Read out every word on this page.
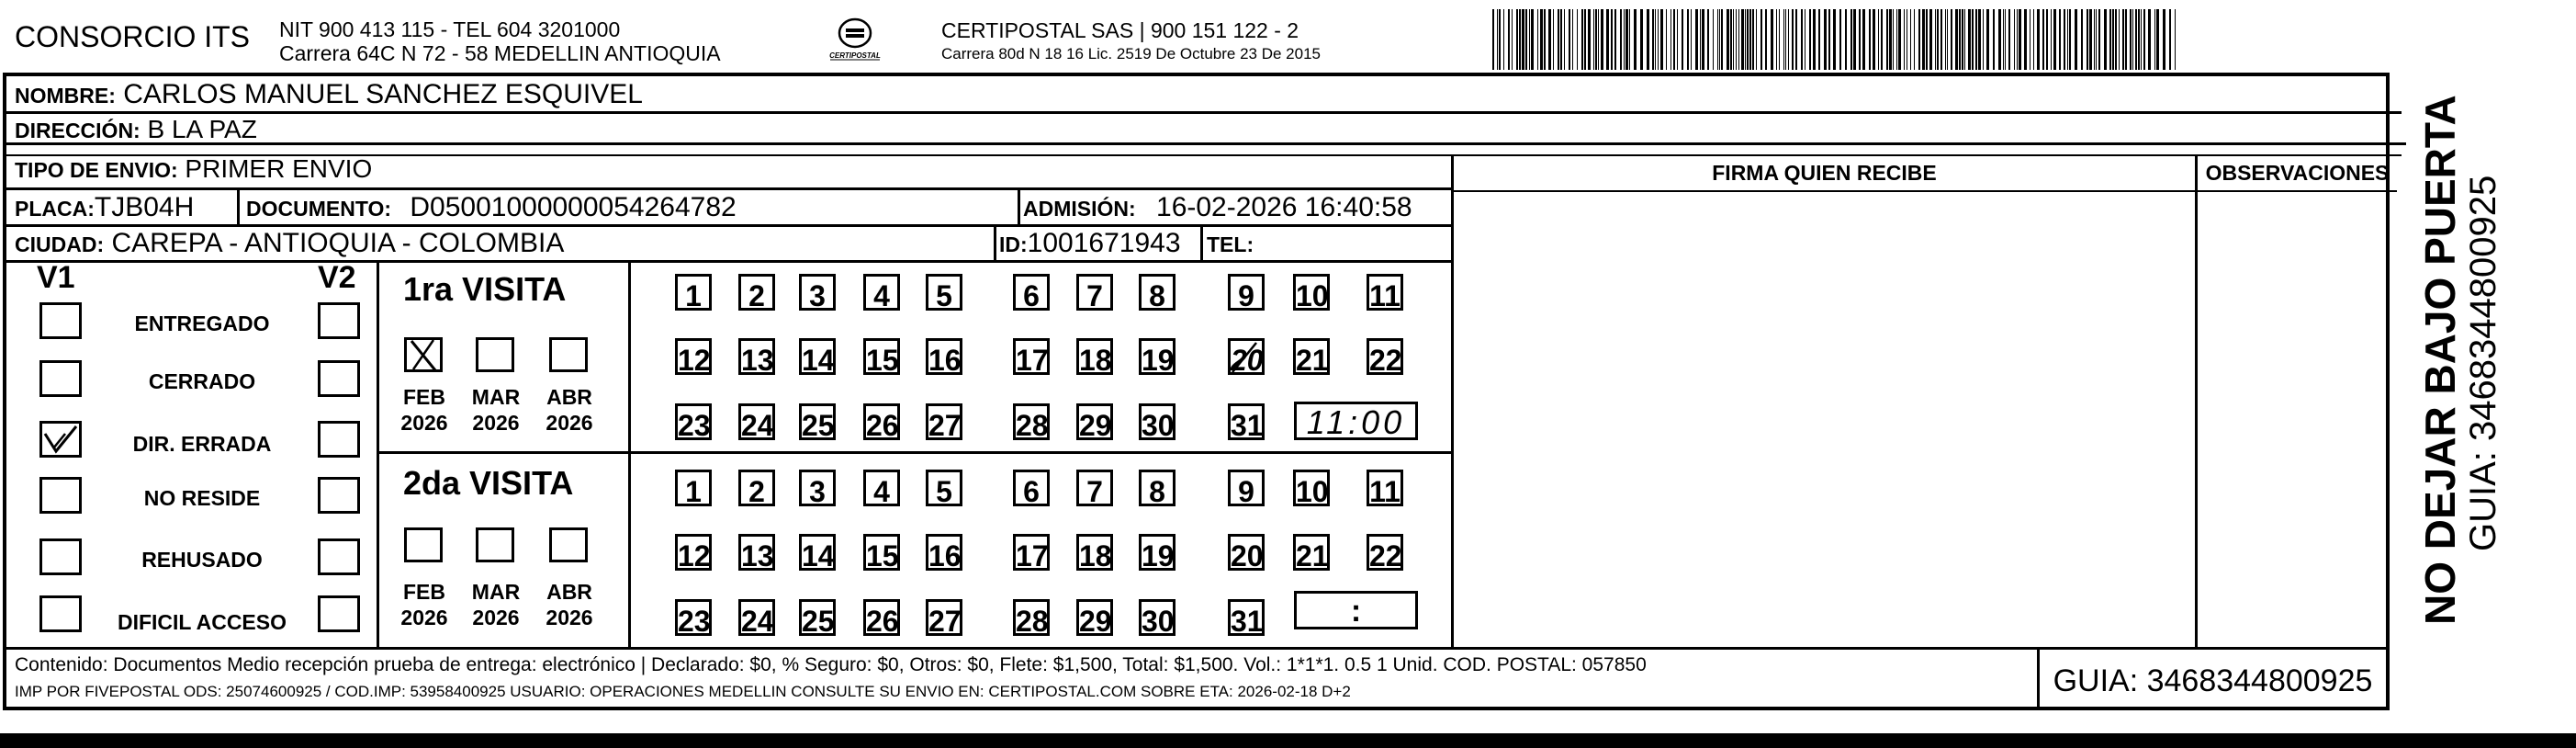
CONSORCIO ITS NIT 900 413 115 - TEL 604 3201000
Carrera 64C N 72 - 58 MEDELLIN ANTIOQUIA	CERTIPOSTAL
CERTIPOSTAL SAS | 900 151 122 - 2
Carrera 80d N 18 16 Lic. 2519 De Octubre 23 De 2015
NOMBRE: CARLOS MANUEL SANCHEZ ESQUIVEL
DIRECCIÓN: B LA PAZ
TIPO DE ENVIO: PRIMER ENVIO	FIRMA QUIEN RECIBE	OBSERVACIONES
PLACA:TJB04H DOCUMENTO: D05001000000054264782	ADMISIÓN: 16-02-2026 16:40:58
CIUDAD: CAREPA - ANTIOQUIA - COLOMBIA	ID:1001671943 TEL:
V1	V2
ENTREGADO
CERRADO
DIR. ERRADA
NO RESIDE
REHUSADO
DIFICIL ACCESO
1ra VISITA
FEB
2026
MAR
2026
ABR
2026
1	2	3	4	5	6	7	8	9	10 11
12 13 14 15 16 17 18 19 20 21 22
23 24 25 26 27 28 29 30 31	11:00
2da VISITA
FEB
2026
MAR
2026
ABR
2026
1	2	3	4	5	6	7	8	9	10 11
12 13 14 15 16 17 18 19 20 21 22
23 24 25 26 27 28 29 30 31	:
Contenido: Documentos Medio recepción prueba de entrega: electrónico | Declarado: $0, % Seguro: $0, Otros: $0, Flete: $1,500, Total: $1,500. Vol.: 1*1*1. 0.5 1 Unid. COD. POSTAL: 057850
IMP POR FIVEPOSTAL ODS: 25074600925 / COD.IMP: 53958400925 USUARIO: OPERACIONES MEDELLIN CONSULTE SU ENVIO EN: CERTIPOSTAL.COM SOBRE ETA: 2026-02-18 D+2	GUIA: 3468344800925
NO DEJAR BAJO PUERTA GUIA: 3468344800925
